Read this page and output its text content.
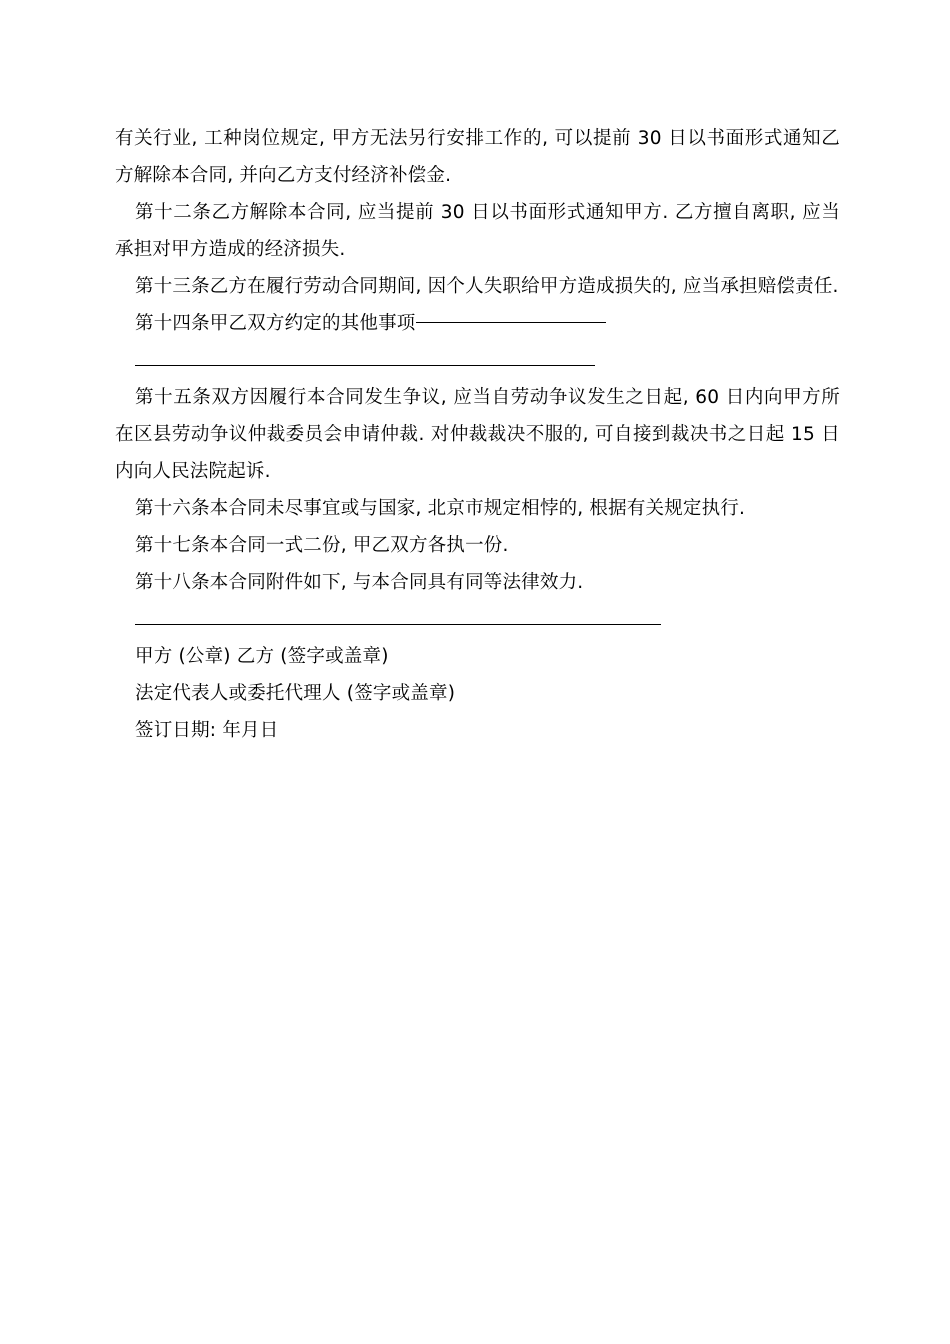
有关行业, 工种岗位规定, 甲方无法另行安排工作的, 可以提前 30 日以书面形式通知乙方解除本合同, 并向乙方支付经济补偿金.

第十二条乙方解除本合同, 应当提前 30 日以书面形式通知甲方. 乙方擅自离职, 应当承担对甲方造成的经济损失.

第十三条乙方在履行劳动合同期间, 因个人失职给甲方造成损失的, 应当承担赔偿责任.

第十四条甲乙双方约定的其他事项

第十五条双方因履行本合同发生争议, 应当自劳动争议发生之日起, 60 日内向甲方所在区县劳动争议仲裁委员会申请仲裁. 对仲裁裁决不服的, 可自接到裁决书之日起 15 日内向人民法院起诉.

第十六条本合同未尽事宜或与国家, 北京市规定相悖的, 根据有关规定执行.

第十七条本合同一式二份, 甲乙双方各执一份.

第十八条本合同附件如下, 与本合同具有同等法律效力.

甲方 (公章) 乙方 (签字或盖章)

法定代表人或委托代理人 (签字或盖章)

签订日期: 年月日
